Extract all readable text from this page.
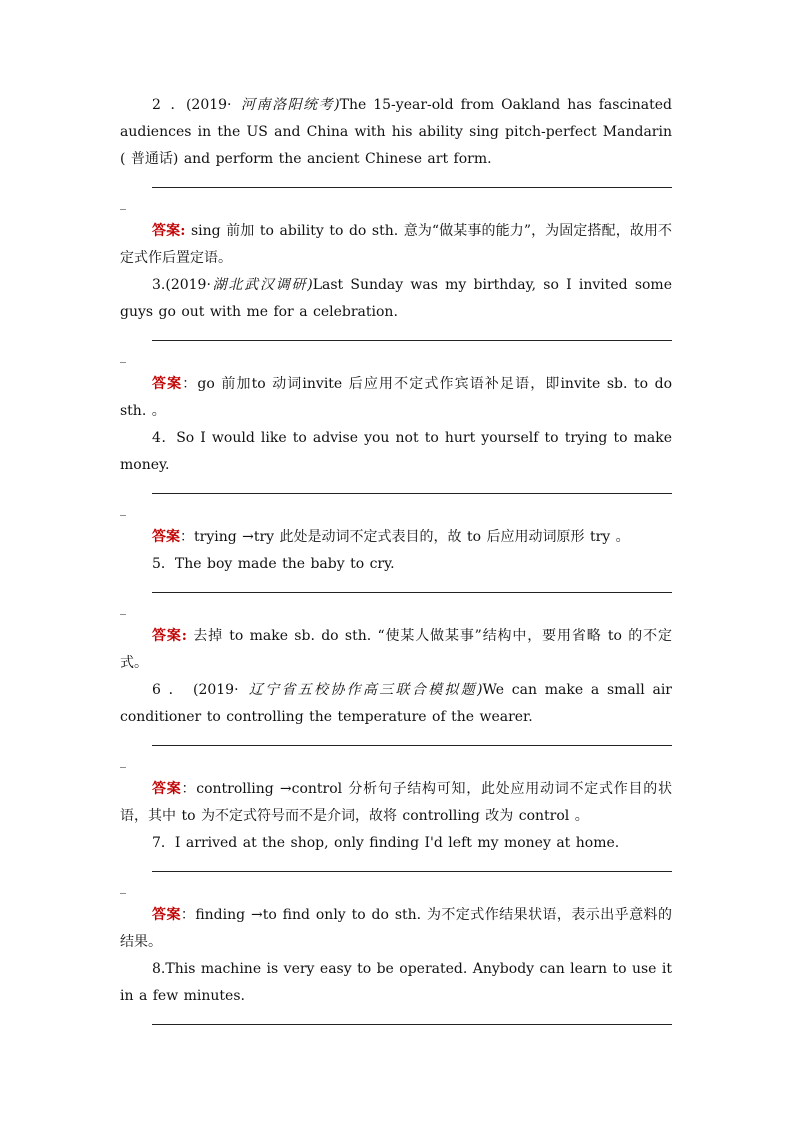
2 ．(2019· 河南洛阳统考)The 15-year-old from Oakland has fascinated audiences in the US and China with his ability sing pitch-perfect Mandarin ( 普通话) and perform the ancient Chinese art form.
_
答案: sing 前加 to ability to do sth. 意为“做某事的能力”，为固定搭配，故用不定式作后置定语。
3.(2019·湖北武汉调研)Last Sunday was my birthday, so I invited some guys go out with me for a celebration.
_
答案：go 前加to 动词invite 后应用不定式作宾语补足语，即invite sb. to do sth. 。
4．So I would like to advise you not to hurt yourself to trying to make money.
_
答案：trying →try 此处是动词不定式表目的，故 to 后应用动词原形 try 。
5．The boy made the baby to cry.
_
答案: 去掉 to make sb. do sth. “使某人做某事”结构中，要用省略 to 的不定式。
6 ． (2019· 辽宁省五校协作高三联合模拟题)We can make a small air conditioner to controlling the temperature of the wearer.
_
答案：controlling →control 分析句子结构可知，此处应用动词不定式作目的状语，其中 to 为不定式符号而不是介词，故将 controlling 改为 control 。
7．I arrived at the shop, only finding I'd left my money at home.
_
答案：finding →to find only to do sth. 为不定式作结果状语，表示出乎意料的结果。
8.This machine is very easy to be operated. Anybody can learn to use it in a few minutes.
